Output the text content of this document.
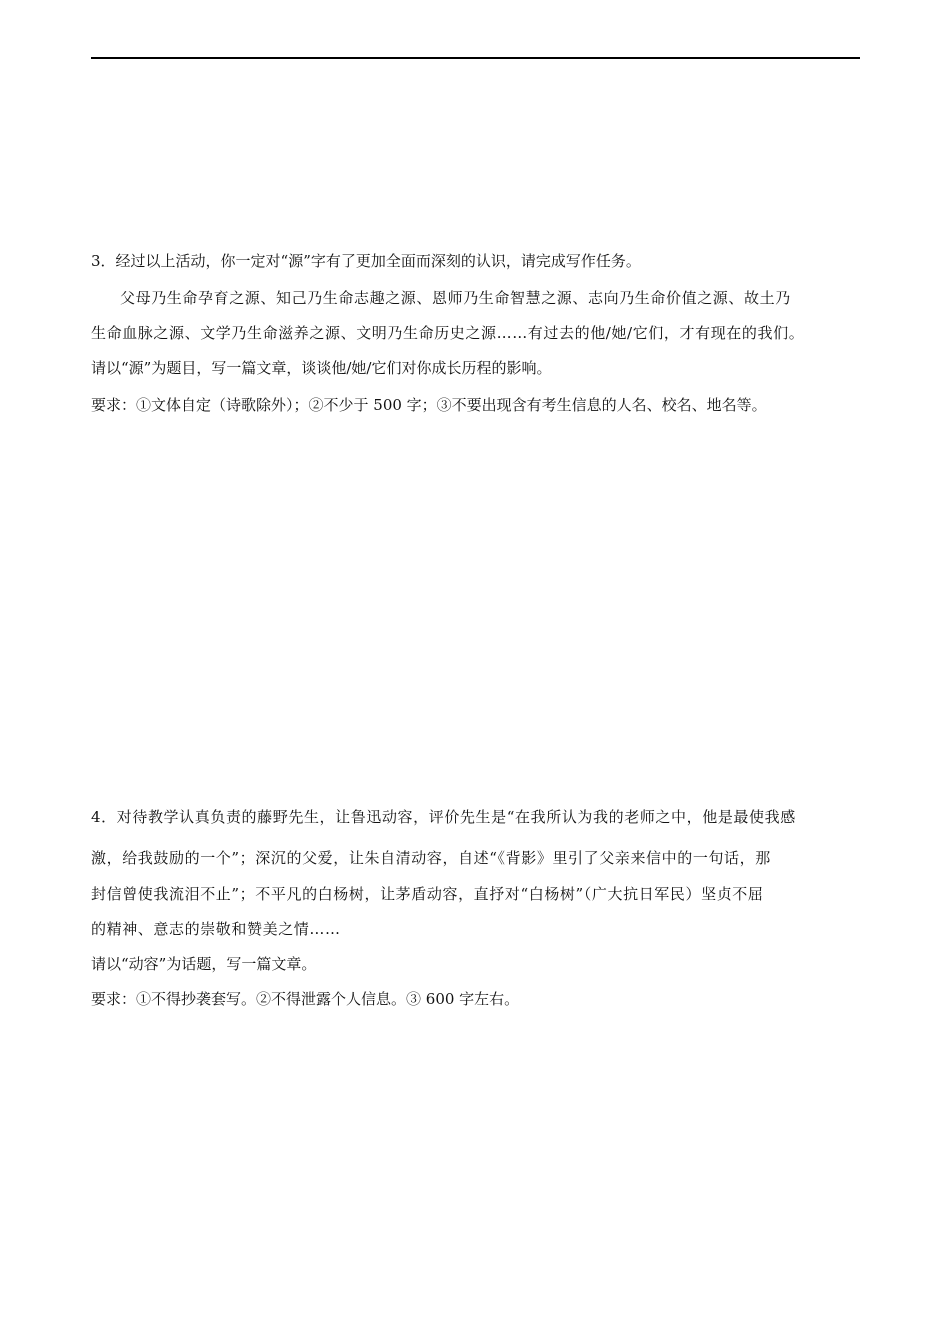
3．经过以上活动，你一定对“源”字有了更加全面而深刻的认识，请完成写作任务。
父母乃生命孕育之源、知己乃生命志趣之源、恩师乃生命智慧之源、志向乃生命价值之源、故土乃
生命血脉之源、文学乃生命滋养之源、文明乃生命历史之源……有过去的他/她/它们，才有现在的我们。
请以“源”为题目，写一篇文章，谈谈他/她/它们对你成长历程的影响。
要求：①文体自定（诗歌除外）；②不少于 500 字；③不要出现含有考生信息的人名、校名、地名等。
4．对待教学认真负责的藤野先生，让鲁迅动容，评价先生是“在我所认为我的老师之中，他是最使我感
激，给我鼓励的一个”；深沉的父爱，让朱自清动容，自述“《背影》里引了父亲来信中的一句话，那
封信曾使我流泪不止”；不平凡的白杨树，让茅盾动容，直抒对“白杨树”（广大抗日军民）坚贞不屈
的精神、意志的崇敬和赞美之情……
请以“动容”为话题，写一篇文章。
要求：①不得抄袭套写。②不得泄露个人信息。③ 600 字左右。
